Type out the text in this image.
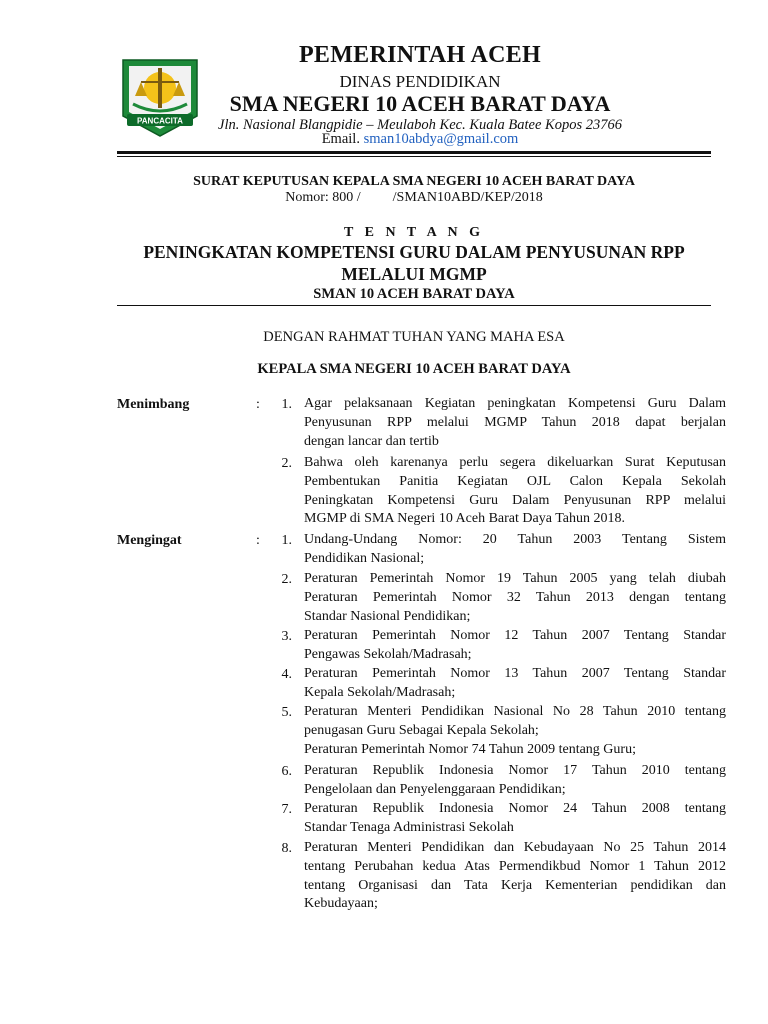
PANCACITA
PEMERINTAH ACEH
DINAS PENDIDIKAN
SMA NEGERI 10 ACEH BARAT DAYA
Jln. Nasional Blangpidie – Meulaboh Kec. Kuala Batee Kopos 23766
Email. sman10abdya@gmail.com
SURAT KEPUTUSAN KEPALA SMA NEGERI 10 ACEH BARAT DAYA
Nomor: 800 / /SMAN10ABD/KEP/2018
T E N T A N G
PENINGKATAN KOMPETENSI GURU DALAM PENYUSUNAN RPP
MELALUI MGMP
SMAN 10 ACEH BARAT DAYA
DENGAN RAHMAT TUHAN YANG MAHA ESA
KEPALA SMA NEGERI 10 ACEH BARAT DAYA
Menimbang	:	1. Agar pelaksanaan Kegiatan peningkatan Kompetensi Guru Dalam
Penyusunan RPP melalui MGMP Tahun 2018 dapat berjalan
dengan lancar dan tertib
2. Bahwa oleh karenanya perlu segera dikeluarkan Surat Keputusan
Pembentukan Panitia Kegiatan OJL Calon Kepala Sekolah
Peningkatan Kompetensi Guru Dalam Penyusunan RPP melalui
MGMP di SMA Negeri 10 Aceh Barat Daya Tahun 2018.
Mengingat	:	1. Undang-Undang Nomor: 20 Tahun 2003 Tentang Sistem
Pendidikan Nasional;
2. Peraturan Pemerintah Nomor 19 Tahun 2005 yang telah diubah
Peraturan Pemerintah Nomor 32 Tahun 2013 dengan tentang
Standar Nasional Pendidikan;
3. Peraturan Pemerintah Nomor 12 Tahun 2007 Tentang Standar
Pengawas Sekolah/Madrasah;
4. Peraturan Pemerintah Nomor 13 Tahun 2007 Tentang Standar
Kepala Sekolah/Madrasah;
5. Peraturan Menteri Pendidikan Nasional No 28 Tahun 2010 tentang
penugasan Guru Sebagai Kepala Sekolah;
Peraturan Pemerintah Nomor 74 Tahun 2009 tentang Guru;
6. Peraturan Republik Indonesia Nomor 17 Tahun 2010 tentang
Pengelolaan dan Penyelenggaraan Pendidikan;
7. Peraturan Republik Indonesia Nomor 24 Tahun 2008 tentang
Standar Tenaga Administrasi Sekolah
8. Peraturan Menteri Pendidikan dan Kebudayaan No 25 Tahun 2014
tentang Perubahan kedua Atas Permendikbud Nomor 1 Tahun 2012
tentang Organisasi dan Tata Kerja Kementerian pendidikan dan
Kebudayaan;
